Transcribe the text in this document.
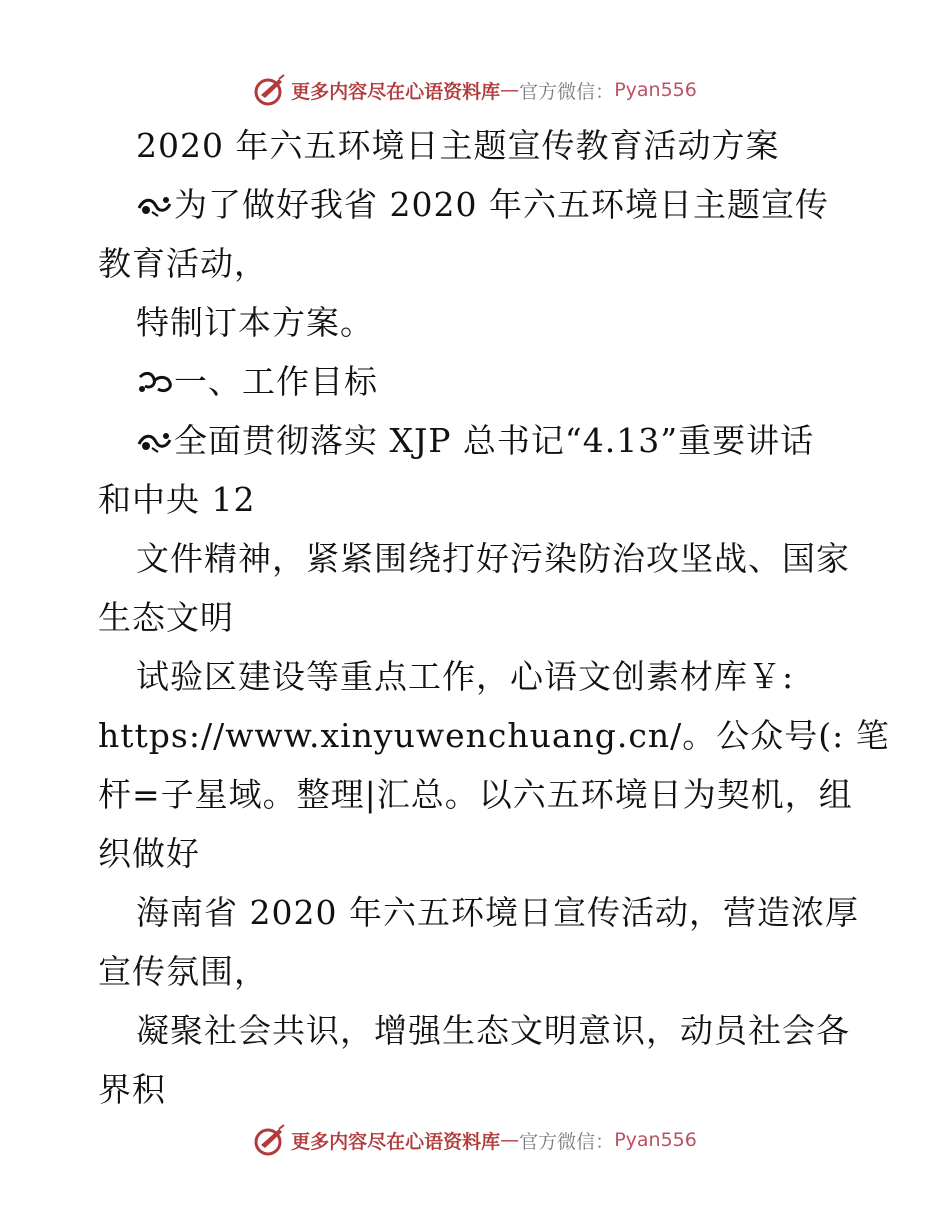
更多内容尽在心语资料库 — 官方微信： Pyan556
2020 年六五环境日主题宣传教育活动方案
为了做好我省 2020 年六五环境日主题宣传
教育活动，
特制订本方案。
一、工作目标
全面贯彻落实 XJP 总书记“4.13”重要讲话
和中央 12
文件精神，紧紧围绕打好污染防治攻坚战、国家
生态文明
试验区建设等重点工作，心语文创素材库￥:
https://www.xinyuwenchuang.cn/。公众号(: 笔
杆=子星域。整理|汇总。以六五环境日为契机，组
织做好
海南省 2020 年六五环境日宣传活动，营造浓厚
宣传氛围，
凝聚社会共识，增强生态文明意识，动员社会各
界积
更多内容尽在心语资料库 — 官方微信： Pyan556
